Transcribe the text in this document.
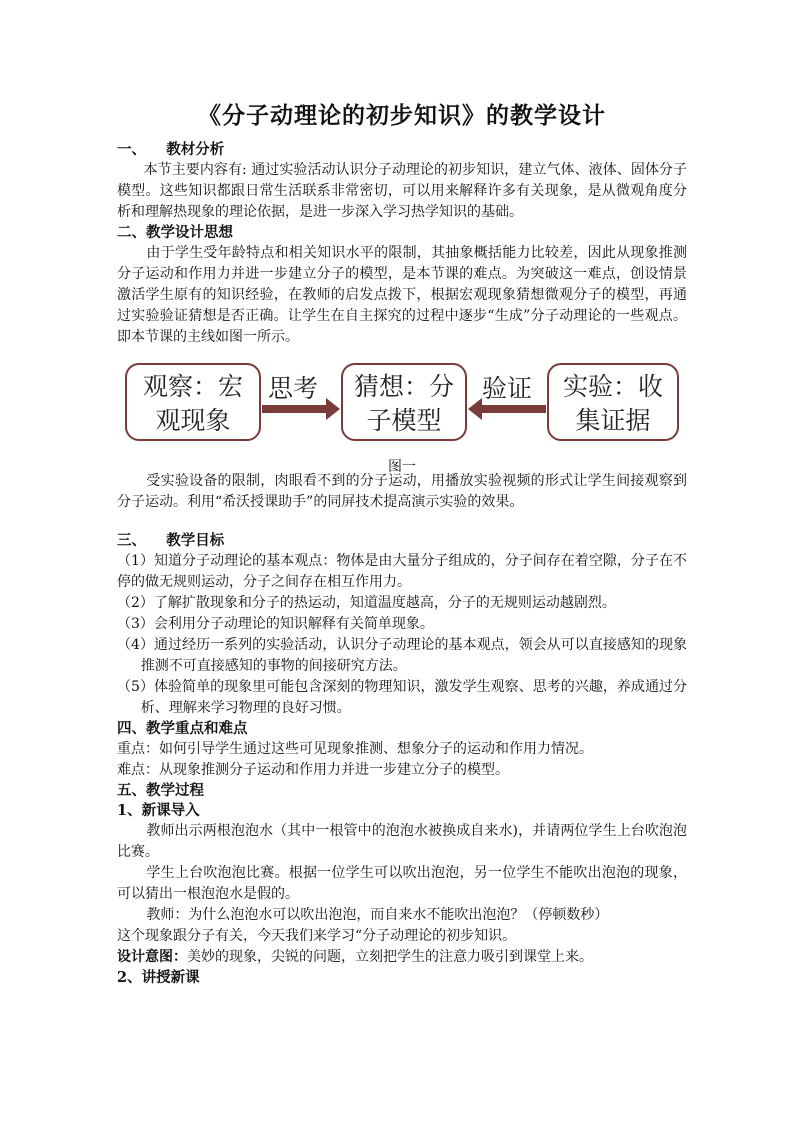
《分子动理论的初步知识》的教学设计

一、    教材分析

本节主要内容有: 通过实验活动认识分子动理论的初步知识，建立气体、液体、固体分子模型。这些知识都跟日常生活联系非常密切，可以用来解释许多有关现象，是从微观角度分析和理解热现象的理论依据，是进一步深入学习热学知识的基础。

二、教学设计思想

由于学生受年龄特点和相关知识水平的限制，其抽象概括能力比较差，因此从现象推测分子运动和作用力并进一步建立分子的模型，是本节课的难点。为突破这一难点，创设情景激活学生原有的知识经验，在教师的启发点拨下，根据宏观现象猜想微观分子的模型，再通过实验验证猜想是否正确。让学生在自主探究的过程中逐步“生成”分子动理论的一些观点。即本节课的主线如图一所示。

观察：宏
观现象
思考	猜想：分
子模型
验证	实验：收
集证据
图一

受实验设备的限制，肉眼看不到的分子运动，用播放实验视频的形式让学生间接观察到分子运动。利用“希沃授课助手”的同屏技术提高演示实验的效果。

三、    教学目标

（1）知道分子动理论的基本观点：物体是由大量分子组成的，分子间存在着空隙，分子在不停的做无规则运动，分子之间存在相互作用力。

（2）了解扩散现象和分子的热运动，知道温度越高，分子的无规则运动越剧烈。

（3）会利用分子动理论的知识解释有关简单现象。

（4）通过经历一系列的实验活动，认识分子动理论的基本观点，领会从可以直接感知的现象推测不可直接感知的事物的间接研究方法。

（5）体验简单的现象里可能包含深刻的物理知识，激发学生观察、思考的兴趣，养成通过分析、理解来学习物理的良好习惯。

四、教学重点和难点

重点：如何引导学生通过这些可见现象推测、想象分子的运动和作用力情况。

难点：从现象推测分子运动和作用力并进一步建立分子的模型。

五、教学过程

1、新课导入

教师出示两根泡泡水（其中一根管中的泡泡水被换成自来水)，并请两位学生上台吹泡泡比赛。

学生上台吹泡泡比赛。根据一位学生可以吹出泡泡，另一位学生不能吹出泡泡的现象，可以猜出一根泡泡水是假的。

教师：为什么泡泡水可以吹出泡泡，而自来水不能吹出泡泡？（停顿数秒）

这个现象跟分子有关，今天我们来学习“分子动理论的初步知识。

设计意图：美妙的现象，尖锐的问题，立刻把学生的注意力吸引到课堂上来。

2、讲授新课
